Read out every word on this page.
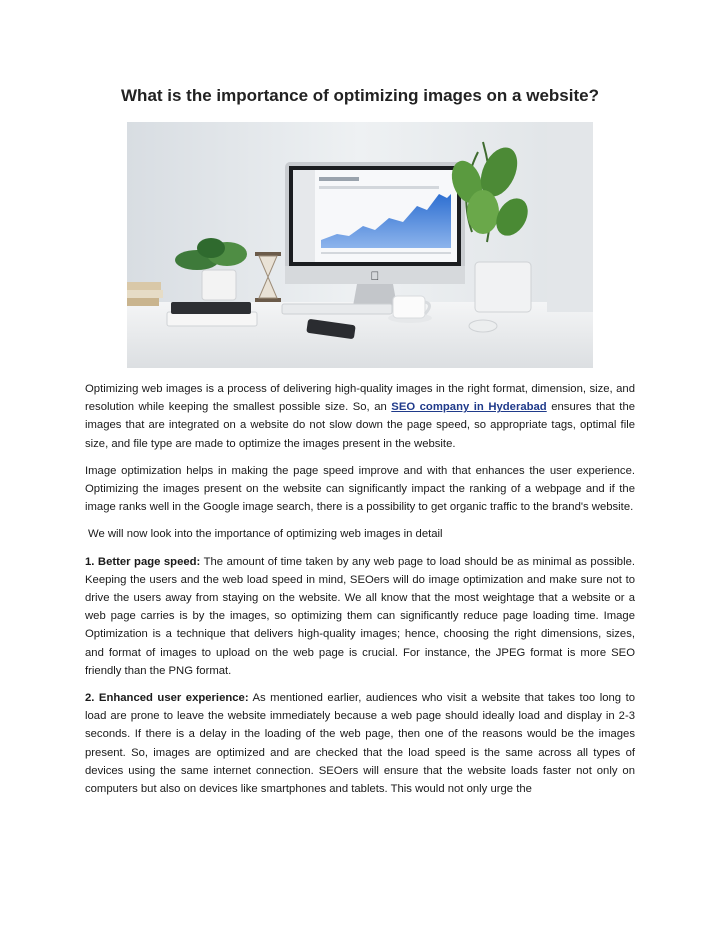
What is the importance of optimizing images on a website?

Optimizing web images is a process of delivering high-quality images in the right format, dimension, size, and resolution while keeping the smallest possible size. So, an SEO company in Hyderabad ensures that the images that are integrated on a website do not slow down the page speed, so appropriate tags, optimal file size, and file type are made to optimize the images present in the website.

Image optimization helps in making the page speed improve and with that enhances the user experience. Optimizing the images present on the website can significantly impact the ranking of a webpage and if the image ranks well in the Google image search, there is a possibility to get organic traffic to the brand's website.

We will now look into the importance of optimizing web images in detail

1. Better page speed: The amount of time taken by any web page to load should be as minimal as possible. Keeping the users and the web load speed in mind, SEOers will do image optimization and make sure not to drive the users away from staying on the website. We all know that the most weightage that a website or a web page carries is by the images, so optimizing them can significantly reduce page loading time. Image Optimization is a technique that delivers high-quality images; hence, choosing the right dimensions, sizes, and format of images to upload on the web page is crucial. For instance, the JPEG format is more SEO friendly than the PNG format.

2. Enhanced user experience: As mentioned earlier, audiences who visit a website that takes too long to load are prone to leave the website immediately because a web page should ideally load and display in 2-3 seconds. If there is a delay in the loading of the web page, then one of the reasons would be the images present. So, images are optimized and are checked that the load speed is the same across all types of devices using the same internet connection. SEOers will ensure that the website loads faster not only on computers but also on devices like smartphones and tablets. This would not only urge the
